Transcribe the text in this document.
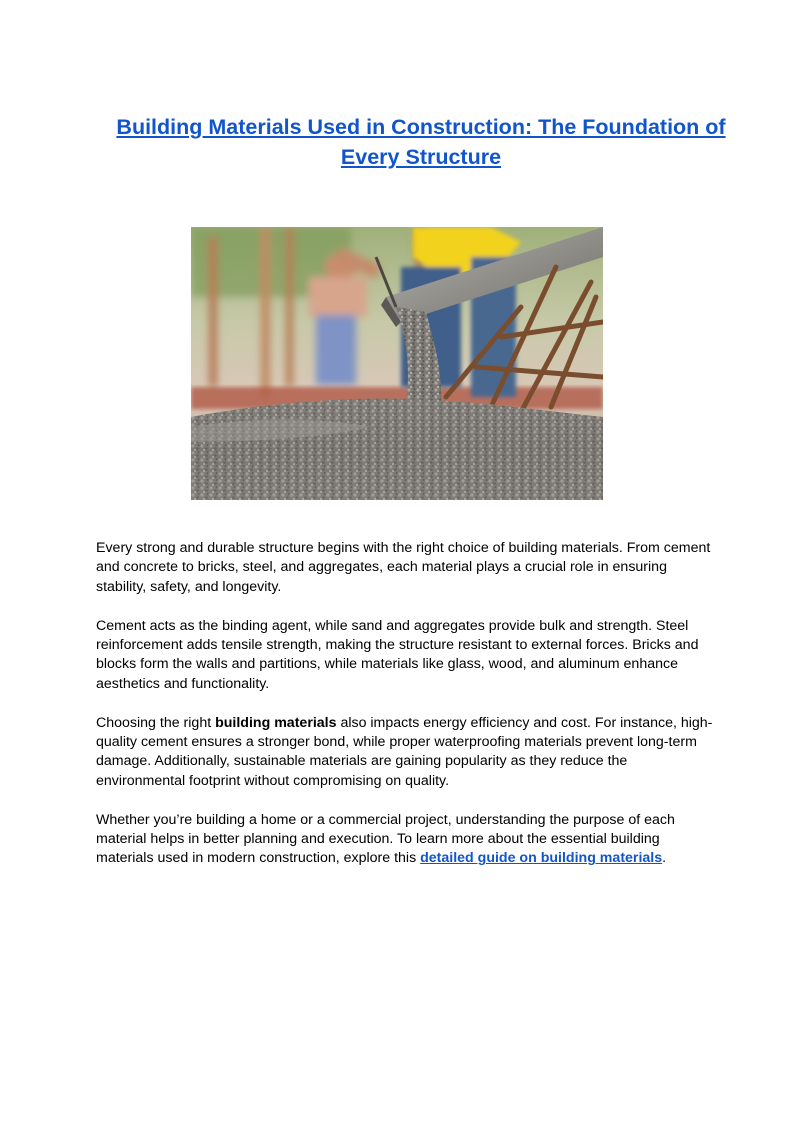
Building Materials Used in Construction: The Foundation of Every Structure

Every strong and durable structure begins with the right choice of building materials. From cement and concrete to bricks, steel, and aggregates, each material plays a crucial role in ensuring stability, safety, and longevity.

Cement acts as the binding agent, while sand and aggregates provide bulk and strength. Steel reinforcement adds tensile strength, making the structure resistant to external forces. Bricks and blocks form the walls and partitions, while materials like glass, wood, and aluminum enhance aesthetics and functionality.

Choosing the right building materials also impacts energy efficiency and cost. For instance, high-quality cement ensures a stronger bond, while proper waterproofing materials prevent long-term damage. Additionally, sustainable materials are gaining popularity as they reduce the environmental footprint without compromising on quality.

Whether you’re building a home or a commercial project, understanding the purpose of each material helps in better planning and execution. To learn more about the essential building materials used in modern construction, explore this detailed guide on building materials.
